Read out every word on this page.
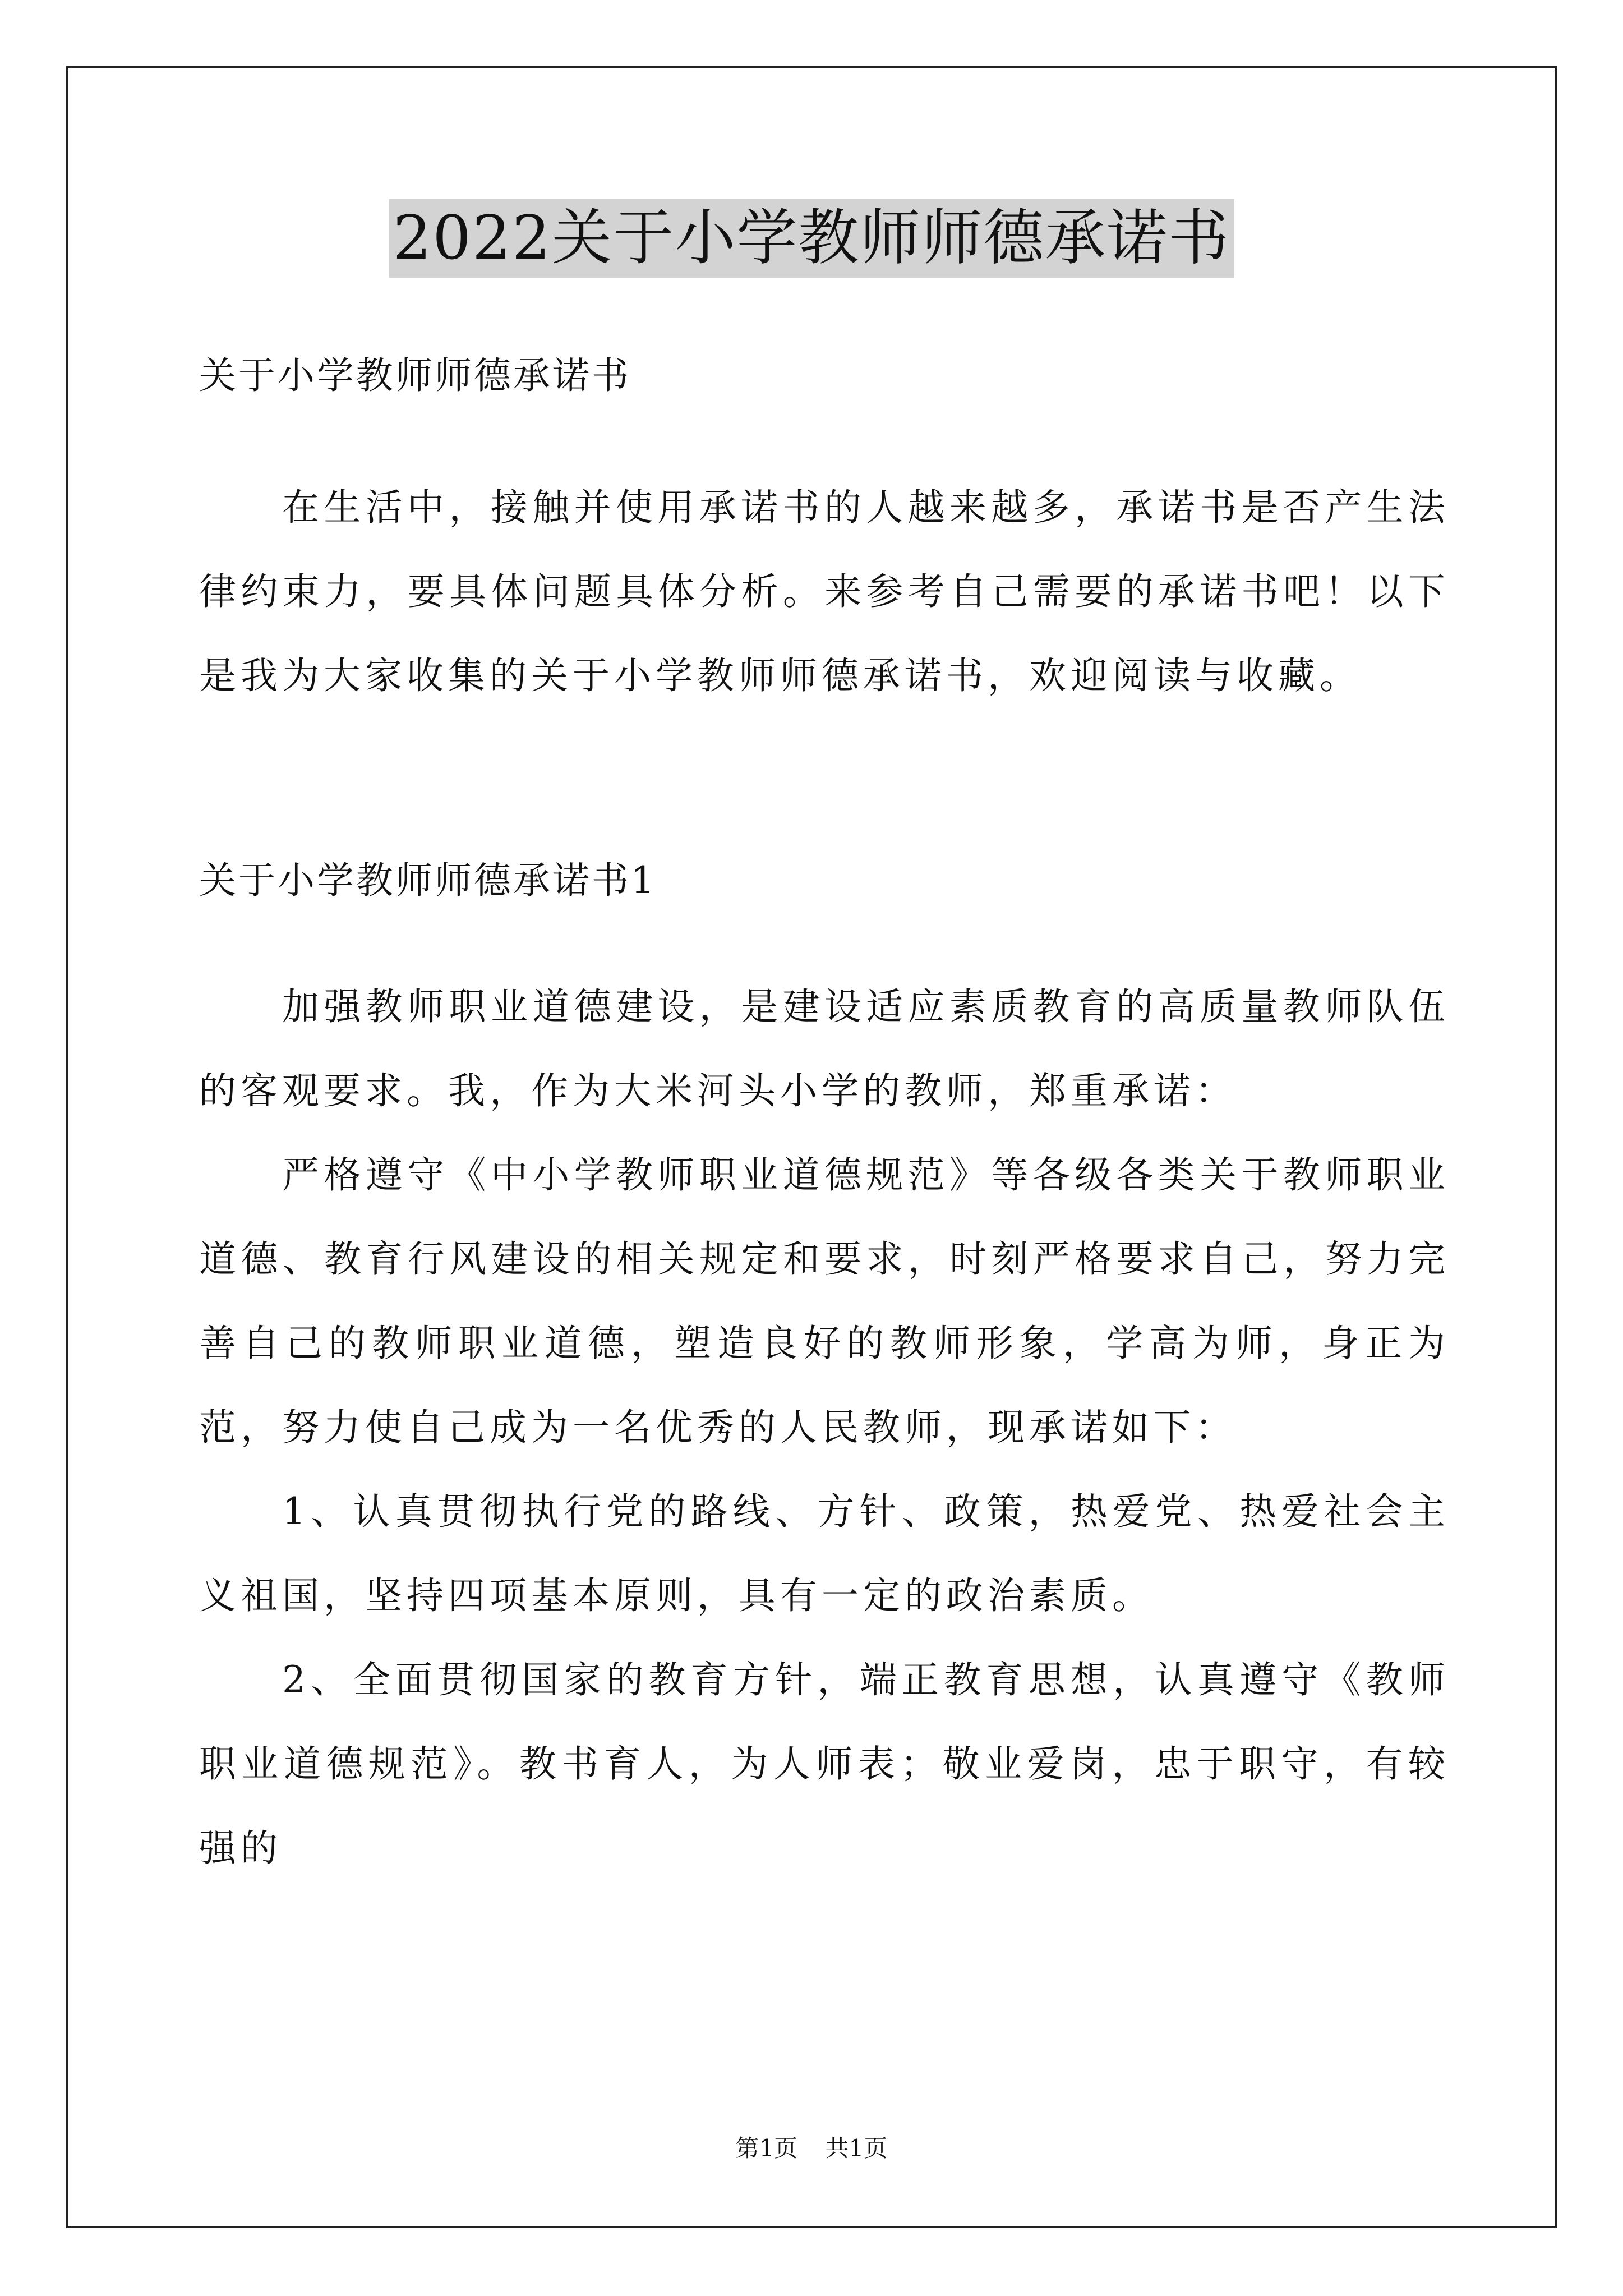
2022关于小学教师师德承诺书

关于小学教师师德承诺书

在生活中，接触并使用承诺书的人越来越多，承诺书是否产生法律约束力，要具体问题具体分析。来参考自己需要的承诺书吧！以下是我为大家收集的关于小学教师师德承诺书，欢迎阅读与收藏。

关于小学教师师德承诺书1

加强教师职业道德建设，是建设适应素质教育的高质量教师队伍的客观要求。我，作为大米河头小学的教师，郑重承诺：

严格遵守《中小学教师职业道德规范》等各级各类关于教师职业道德、教育行风建设的相关规定和要求，时刻严格要求自己，努力完善自己的教师职业道德，塑造良好的教师形象，学高为师，身正为范，努力使自己成为一名优秀的人民教师，现承诺如下：

1、认真贯彻执行党的路线、方针、政策，热爱党、热爱社会主义祖国，坚持四项基本原则，具有一定的政治素质。

2、全面贯彻国家的教育方针，端正教育思想，认真遵守《教师职业道德规范》。教书育人，为人师表；敬业爱岗，忠于职守，有较强的

第1页 共1页
